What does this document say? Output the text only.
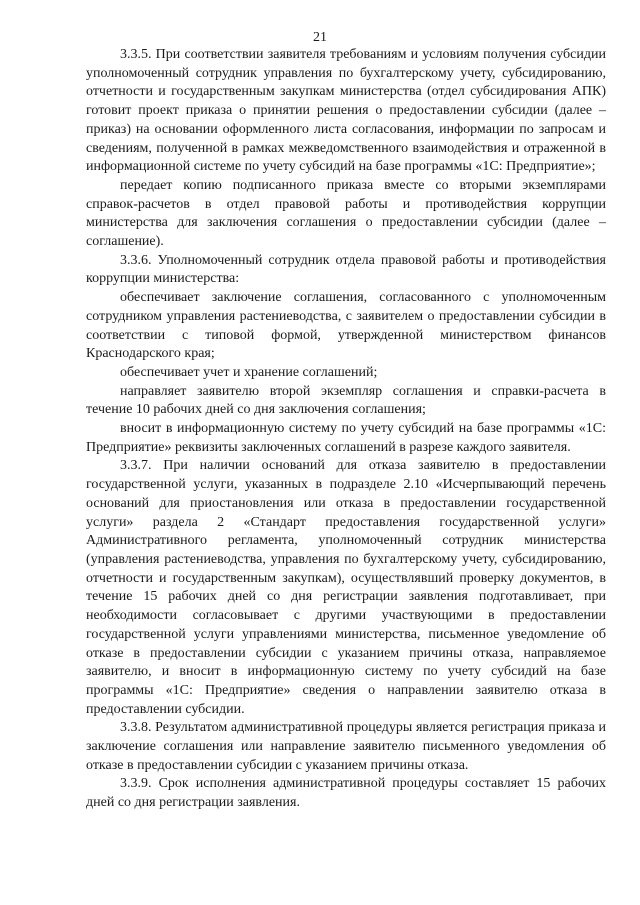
21

3.3.5. При соответствии заявителя требованиям и условиям получения субсидии уполномоченный сотрудник управления по бухгалтерскому учету, субсидированию, отчетности и государственным закупкам министерства (отдел субсидирования АПК) готовит проект приказа о принятии решения о предоставлении субсидии (далее – приказ) на основании оформленного листа согласования, информации по запросам и сведениям, полученной в рамках межведомственного взаимодействия и отраженной в информационной системе по учету субсидий на базе программы «1С: Предприятие»;

передает копию подписанного приказа вместе со вторыми экземплярами справок-расчетов в отдел правовой работы и противодействия коррупции министерства для заключения соглашения о предоставлении субсидии (далее – соглашение).

3.3.6. Уполномоченный сотрудник отдела правовой работы и противодействия коррупции министерства:

обеспечивает заключение соглашения, согласованного с уполномоченным сотрудником управления растениеводства, с заявителем о предоставлении субсидии в соответствии с типовой формой, утвержденной министерством финансов Краснодарского края;

обеспечивает учет и хранение соглашений;

направляет заявителю второй экземпляр соглашения и справки-расчета в течение 10 рабочих дней со дня заключения соглашения;

вносит в информационную систему по учету субсидий на базе программы «1С: Предприятие» реквизиты заключенных соглашений в разрезе каждого заявителя.

3.3.7. При наличии оснований для отказа заявителю в предоставлении государственной услуги, указанных в подразделе 2.10 «Исчерпывающий перечень оснований для приостановления или отказа в предоставлении государственной услуги» раздела 2 «Стандарт предоставления государственной услуги» Административного регламента, уполномоченный сотрудник министерства (управления растениеводства, управления по бухгалтерскому учету, субсидированию, отчетности и государственным закупкам), осуществлявший проверку документов, в течение 15 рабочих дней со дня регистрации заявления подготавливает, при необходимости согласовывает с другими участвующими в предоставлении государственной услуги управлениями министерства, письменное уведомление об отказе в предоставлении субсидии с указанием причины отказа, направляемое заявителю, и вносит в информационную систему по учету субсидий на базе программы «1С: Предприятие» сведения о направлении заявителю отказа в предоставлении субсидии.

3.3.8. Результатом административной процедуры является регистрация приказа и заключение соглашения или направление заявителю письменного уведомления об отказе в предоставлении субсидии с указанием причины отказа.

3.3.9. Срок исполнения административной процедуры составляет 15 рабочих дней со дня регистрации заявления.
